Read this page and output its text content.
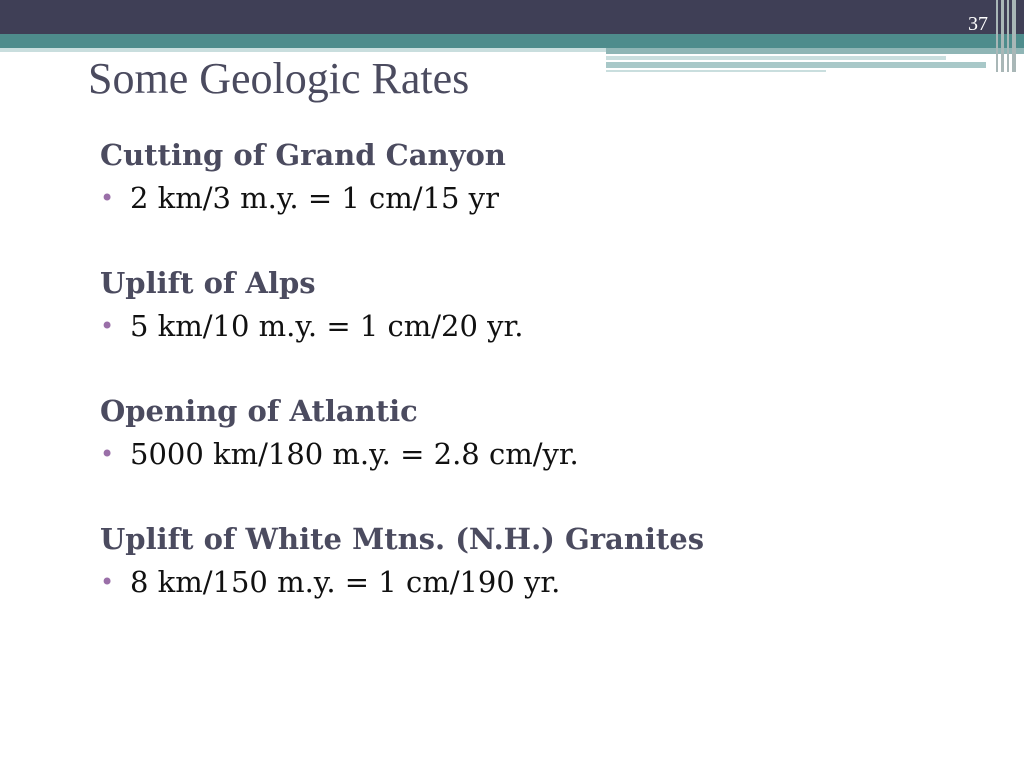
37
Some Geologic Rates

Cutting of Grand Canyon

• 2 km/3 m.y. = 1 cm/15 yr

Uplift of Alps

• 5 km/10 m.y. = 1 cm/20 yr.

Opening of Atlantic

• 5000 km/180 m.y. = 2.8 cm/yr.

Uplift of White Mtns. (N.H.) Granites

• 8 km/150 m.y. = 1 cm/190 yr.
